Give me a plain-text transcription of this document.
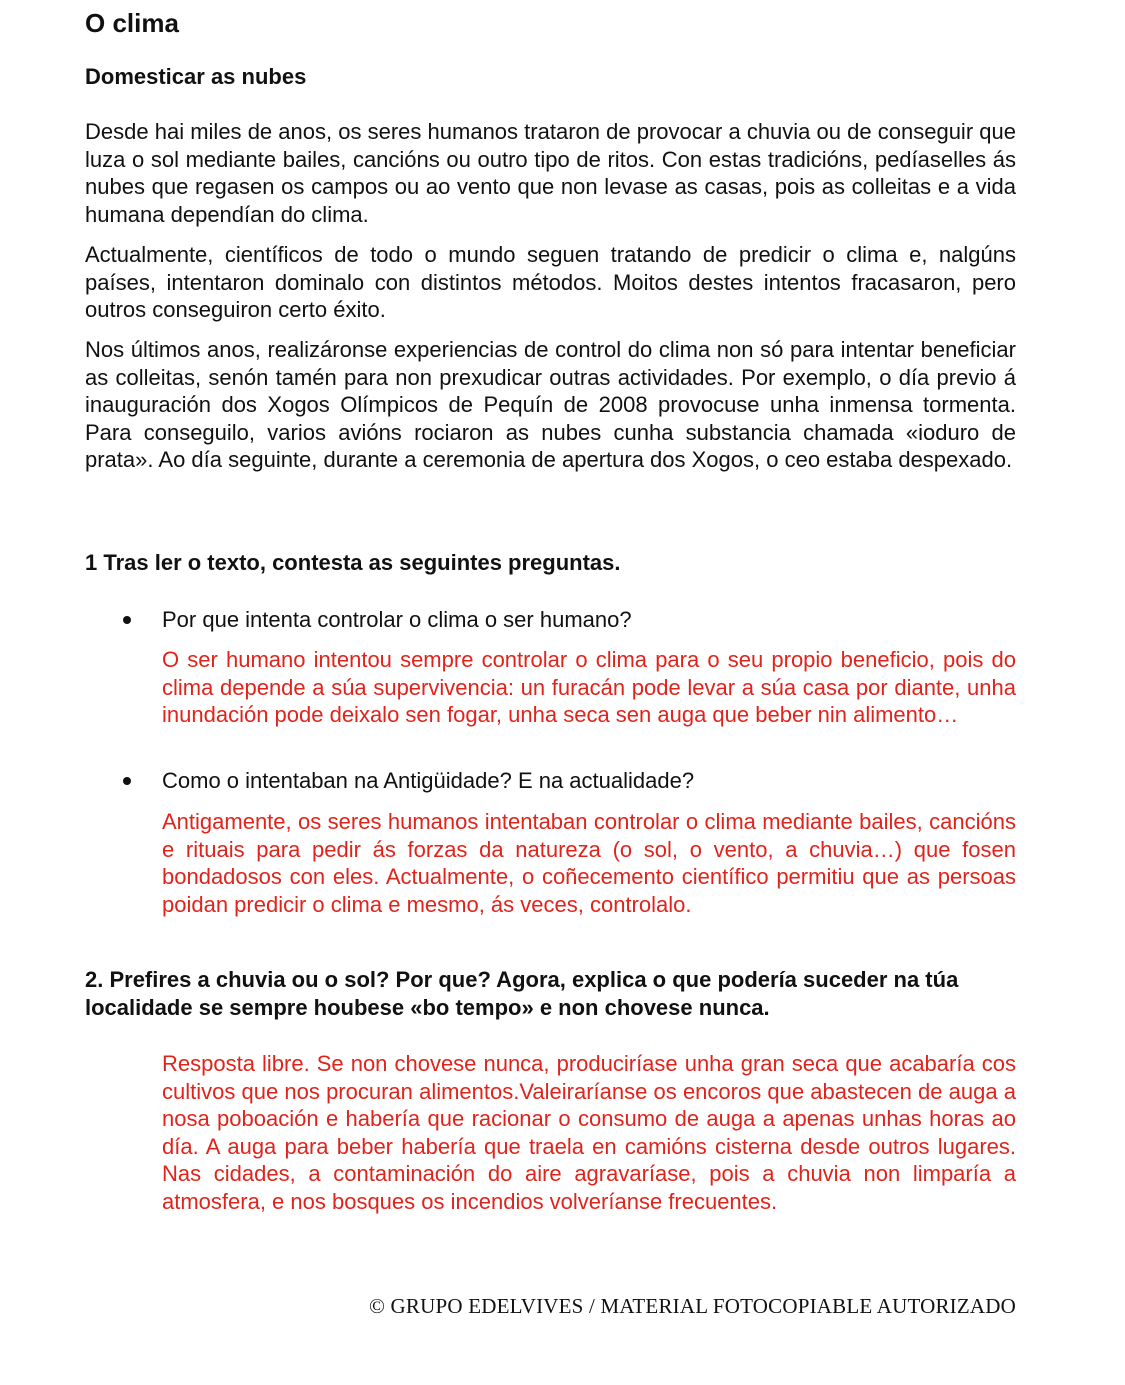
O clima
Domesticar as nubes

Desde hai miles de anos, os seres humanos trataron de provocar a chuvia ou de conseguir que luza o sol mediante bailes, cancións ou outro tipo de ritos. Con estas tradicións, pedíaselles ás nubes que regasen os campos ou ao vento que non levase as casas, pois as colleitas e a vida humana dependían do clima.

Actualmente, científicos de todo o mundo seguen tratando de predicir o clima e, nalgúns países, intentaron dominalo con distintos métodos. Moitos destes intentos fracasaron, pero outros conseguiron certo éxito.

Nos últimos anos, realizáronse experiencias de control do clima non só para intentar beneficiar as colleitas, senón tamén para non prexudicar outras actividades. Por exemplo, o día previo á inauguración dos Xogos Olímpicos de Pequín de 2008 provocuse unha inmensa tormenta. Para conseguilo, varios avións rociaron as nubes cunha substancia chamada «ioduro de prata». Ao día seguinte, durante a ceremonia de apertura dos Xogos, o ceo estaba despexado.

1 Tras ler o texto, contesta as seguintes preguntas.

Por que intenta controlar o clima o ser humano?

O ser humano intentou sempre controlar o clima para o seu propio beneficio, pois do clima depende a súa supervivencia: un furacán pode levar a súa casa por diante, unha inundación pode deixalo sen fogar, unha seca sen auga que beber nin alimento…

Como o intentaban na Antigüidade? E na actualidade?

Antigamente, os seres humanos intentaban controlar o clima mediante bailes, cancións e rituais para pedir ás forzas da natureza (o sol, o vento, a chuvia…) que fosen bondadosos con eles. Actualmente, o coñecemento científico permitiu que as persoas poidan predicir o clima e mesmo, ás veces, controlalo.

2. Prefires a chuvia ou o sol? Por que? Agora, explica o que podería suceder na túa localidade se sempre houbese «bo tempo» e non chovese nunca.

Resposta libre. Se non chovese nunca, produciríase unha gran seca que acabaría cos cultivos que nos procuran alimentos.Valeiraríanse os encoros que abastecen de auga a nosa poboación e habería que racionar o consumo de auga a apenas unhas horas ao día. A auga para beber habería que traela en camións cisterna desde outros lugares. Nas cidades, a contaminación do aire agravaríase, pois a chuvia non limparía a atmosfera, e nos bosques os incendios volveríanse frecuentes.

© GRUPO EDELVIVES / MATERIAL FOTOCOPIABLE AUTORIZADO
